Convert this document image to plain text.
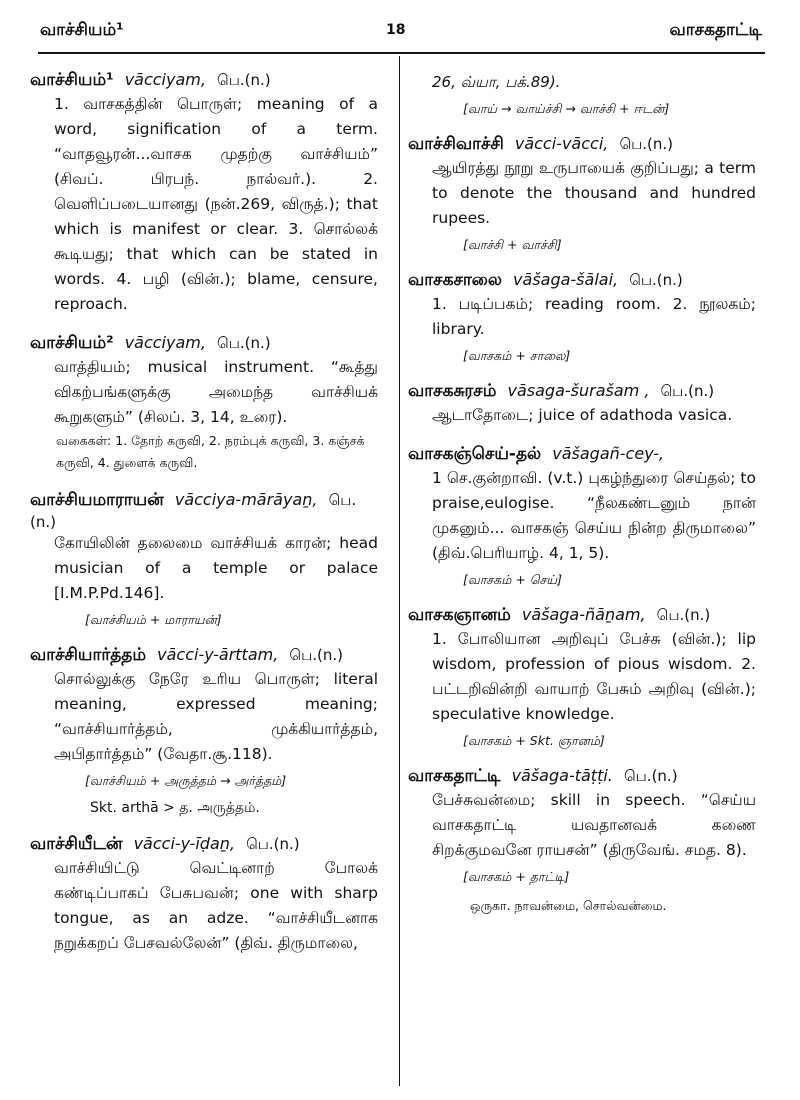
வாச்சியம்¹	18	வாசகதாட்டி
வாச்சியம்¹ vācciyam, பெ.(n.)
1. வாசகத்தின் பொருள்; meaning of a word, signification of a term. “வாதவூரன்...வாசக முதற்கு வாச்சியம்” (சிவப். பிரபந். நால்வர்.). 2. வெளிப்படையானது (நன்.269, விருத்.); that which is manifest or clear. 3. சொல்லக் கூடியது; that which can be stated in words. 4. பழி (வின்.); blame, censure, reproach.
வாச்சியம்² vācciyam, பெ.(n.)
வாத்தியம்; musical instrument. “கூத்து விகற்பங்களுக்கு அமைந்த வாச்சியக் கூறுகளும்” (சிலப். 3, 14, உரை).
வகைகள்: 1. தோற் கருவி, 2. நரம்புக் கருவி, 3. கஞ்சக் கருவி, 4. துளைக் கருவி.
வாச்சியமாராயன் vācciya-mārāyaṉ, பெ.(n.)
கோயிலின் தலைமை வாச்சியக் காரன்; head musician of a temple or palace [I.M.P.Pd.146].
[வாச்சியம் + மாராயன்]
வாச்சியார்த்தம் vācci-y-ārttam, பெ.(n.)
சொல்லுக்கு நேரே உரிய பொருள்; literal meaning, expressed meaning; “வாச்சியார்த்தம், முக்கியார்த்தம், அபிதார்த்தம்” (வேதா.சூ.118).
[வாச்சியம் + அருத்தம் → அர்த்தம்]
Skt. arthā > த. அருத்தம்.
வாச்சியீடன் vācci-y-īḍaṉ, பெ.(n.)
வாச்சியிட்டு வெட்டினாற் போலக் கண்டிப்பாகப் பேசுபவன்; one with sharp tongue, as an adze. “வாச்சியீடனாக நறுக்கறப் பேசவல்லேன்” (திவ். திருமாலை,
26, வ்யா, பக்.89).
[வாய் → வாய்ச்சி → வாச்சி + ஈடன்]
வாச்சிவாச்சி vācci-vācci, பெ.(n.)
ஆயிரத்து நூறு உருபாயைக் குறிப்பது; a term to denote the thousand and hundred rupees.
[வாச்சி + வாச்சி]
வாசகசாலை vāšaga-šālai, பெ.(n.)
1. படிப்பகம்; reading room. 2. நூலகம்; library.
[வாசகம் + சாலை]
வாசகசுரசம் vāsaga-šurašam , பெ.(n.)
ஆடாதோடை; juice of adathoda vasica.
வாசகஞ்செய்-தல் vāšagañ-cey-,
1 செ.குன்றாவி. (v.t.) புகழ்ந்துரை செய்தல்; to praise,eulogise. “நீலகண்டனும் நான் முகனும்... வாசகஞ் செய்ய நின்ற திருமாலை” (திவ்.பெரியாழ். 4, 1, 5).
[வாசகம் + செய்]
வாசகஞானம் vāšaga-ñāṉam, பெ.(n.)
1. போலியான அறிவுப் பேச்சு (வின்.); lip wisdom, profession of pious wisdom. 2. பட்டறிவின்றி வாயாற் பேசும் அறிவு (வின்.); speculative knowledge.
[வாசகம் + Skt. ஞானம்]
வாசகதாட்டி vāšaga-tāṭṭi. பெ.(n.)
பேச்சுவன்மை; skill in speech. “செய்ய வாசகதாட்டி யவதானவக் கணை சிறக்குமவனே ராயசன்” (திருவேங். சமத. 8).
[வாசகம் + தாட்டி]
ஒருகா. நாவன்மை, சொல்வன்மை.
